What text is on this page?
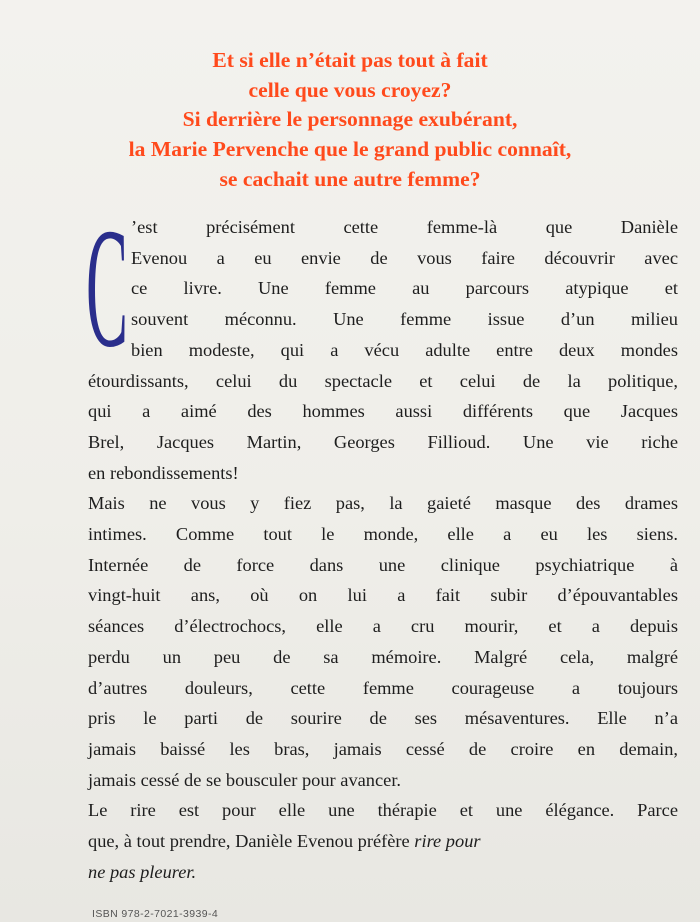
Et si elle n’était pas tout à fait
celle que vous croyez?
Si derrière le personnage exubérant,
la Marie Pervenche que le grand public connaît,
se cachait une autre femme?
C ’est précisément cette femme-là que Danièle
Evenou a eu envie de vous faire découvrir avec
ce livre. Une femme au parcours atypique et
souvent méconnu. Une femme issue d’un milieu
bien modeste, qui a vécu adulte entre deux mondes
étourdissants, celui du spectacle et celui de la politique,
qui a aimé des hommes aussi différents que Jacques
Brel, Jacques Martin, Georges Fillioud. Une vie riche
en rebondissements!
Mais ne vous y fiez pas, la gaieté masque des drames
intimes. Comme tout le monde, elle a eu les siens.
Internée de force dans une clinique psychiatrique à
vingt-huit ans, où on lui a fait subir d’épouvantables
séances d’électrochocs, elle a cru mourir, et a depuis
perdu un peu de sa mémoire. Malgré cela, malgré
d’autres douleurs, cette femme courageuse a toujours
pris le parti de sourire de ses mésaventures. Elle n’a
jamais baissé les bras, jamais cessé de croire en demain,
jamais cessé de se bousculer pour avancer.
Le rire est pour elle une thérapie et une élégance. Parce
que, à tout prendre, Danièle Evenou préfère rire pour
ne pas pleurer.
ISBN 978-2-7021-3939-4
